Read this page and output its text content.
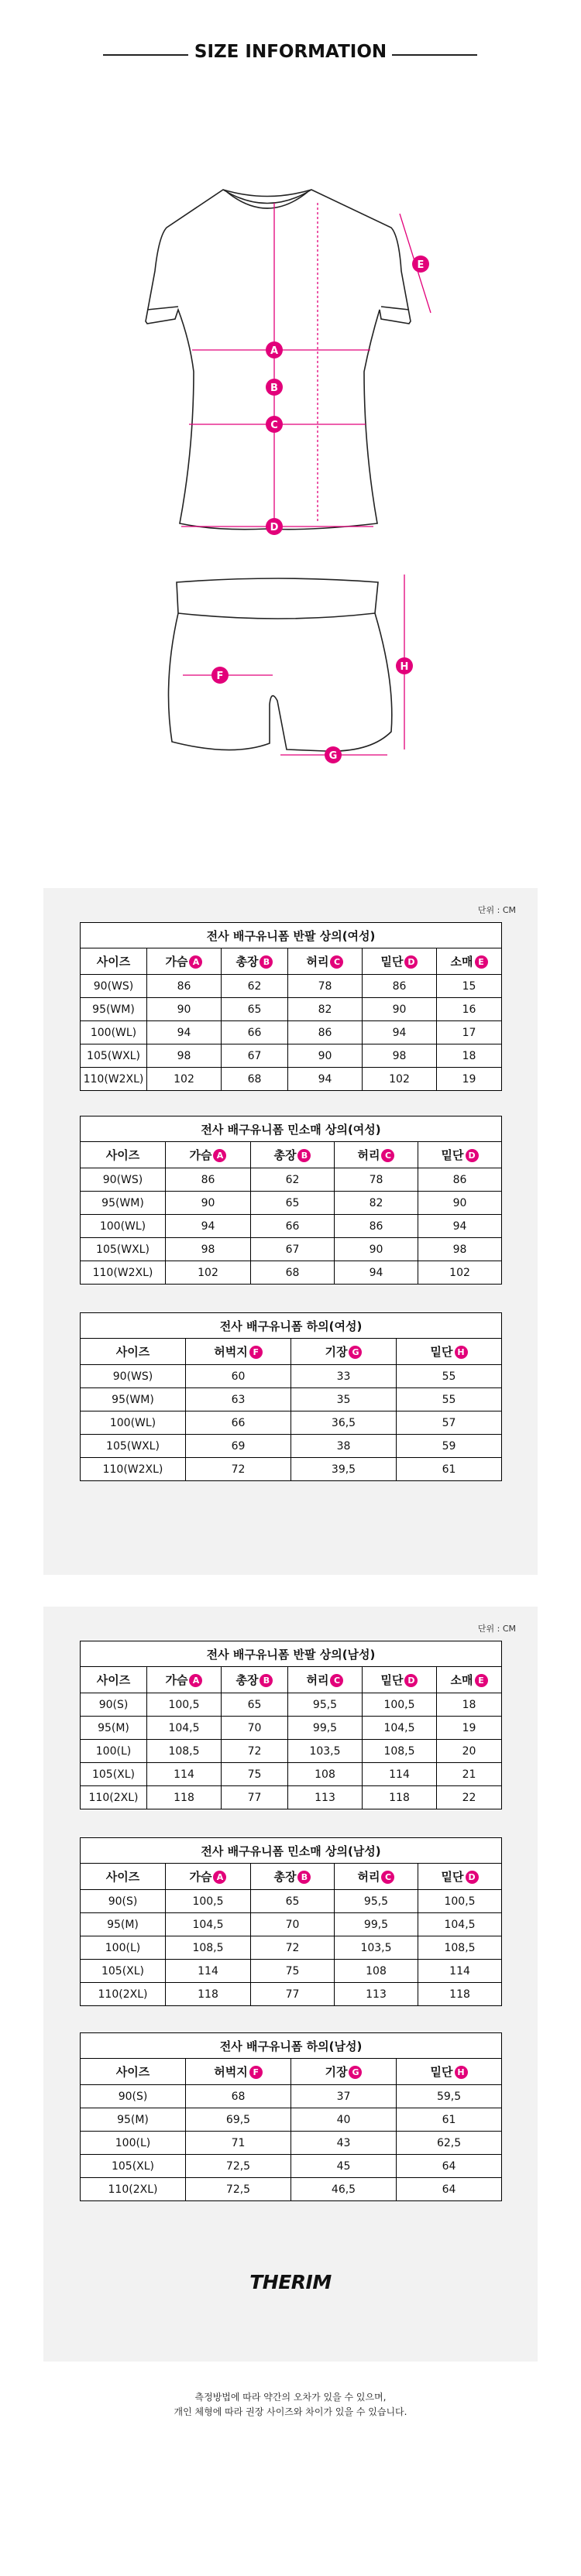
SIZE INFORMATION
A
B
C
D
E
F
G
H
단위 : CM
전사 배구유니폼 반팔 상의(여성)					
사이즈	가슴 A	총장 B	허리 C	밑단 D	소매 E
90(WS)	86	62	78	86	15
95(WM)	90	65	82	90	16
100(WL)	94	66	86	94	17
105(WXL)	98	67	90	98	18
110(W2XL)	102	68	94	102	19
전사 배구유니폼 민소매 상의(여성)				
사이즈	가슴 A	총장 B	허리 C	밑단 D
90(WS)	86	62	78	86
95(WM)	90	65	82	90
100(WL)	94	66	86	94
105(WXL)	98	67	90	98
110(W2XL)	102	68	94	102
전사 배구유니폼 하의(여성)			
사이즈	허벅지 F	기장 G	밑단 H
90(WS)	60	33	55
95(WM)	63	35	55
100(WL)	66	36,5	57
105(WXL)	69	38	59
110(W2XL)	72	39,5	61
단위 : CM
THERIM
전사 배구유니폼 반팔 상의(남성)					
사이즈	가슴 A	총장 B	허리 C	밑단 D	소매 E
90(S)	100,5	65	95,5	100,5	18
95(M)	104,5	70	99,5	104,5	19
100(L)	108,5	72	103,5	108,5	20
105(XL)	114	75	108	114	21
110(2XL)	118	77	113	118	22
전사 배구유니폼 민소매 상의(남성)				
사이즈	가슴 A	총장 B	허리 C	밑단 D
90(S)	100,5	65	95,5	100,5
95(M)	104,5	70	99,5	104,5
100(L)	108,5	72	103,5	108,5
105(XL)	114	75	108	114
110(2XL)	118	77	113	118
전사 배구유니폼 하의(남성)			
사이즈	허벅지 F	기장 G	밑단 H
90(S)	68	37	59,5
95(M)	69,5	40	61
100(L)	71	43	62,5
105(XL)	72,5	45	64
110(2XL)	72,5	46,5	64
측정방법에 따라 약간의 오차가 있을 수 있으며,
개인 체형에 따라 권장 사이즈와 차이가 있을 수 있습니다.
